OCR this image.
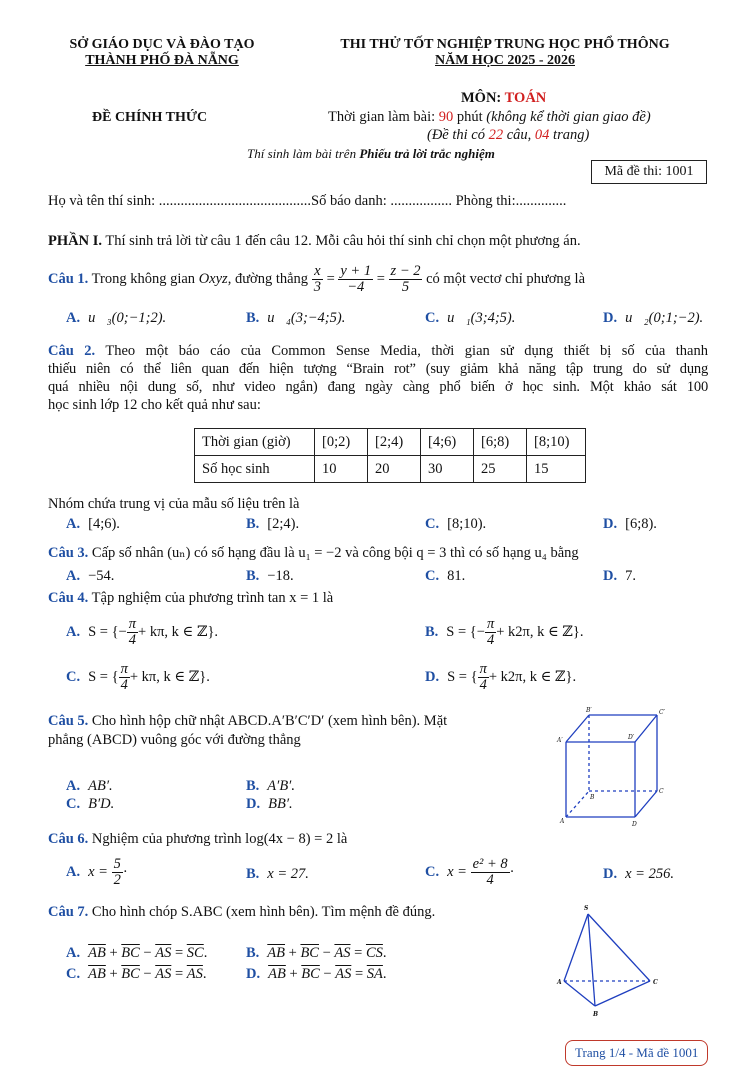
SỞ GIÁO DỤC VÀ ĐÀO TẠO
THÀNH PHỐ ĐÀ NẴNG
THI THỬ TỐT NGHIỆP TRUNG HỌC PHỔ THÔNG
NĂM HỌC 2025 - 2026
MÔN: TOÁN
ĐỀ CHÍNH THỨC	Thời gian làm bài: 90 phút (không kể thời gian giao đề)
(Đề thi có 22 câu, 04 trang)
Thí sinh làm bài trên Phiếu trả lời trắc nghiệm
Mã đề thi: 1001
Họ và tên thí sinh: ..........................................Số báo danh: ................. Phòng thi:..............
PHẦN I. Thí sinh trả lời từ câu 1 đến câu 12. Mỗi câu hỏi thí sinh chỉ chọn một phương án.
Câu 1. Trong không gian Oxyz, đường thẳng $\frac{x}{3} = \frac{y + 1}{-4} = \frac{z - 2}{5}$ có một vectơ chỉ phương là
A. u⃗₃(0;−1;2).	B. u⃗₄(3;−4;5).	C. u⃗₁(3;4;5).	D. u⃗₂(0;1;−2).
Câu 2. Theo một báo cáo của Common Sense Media, thời gian sử dụng thiết bị số của thanh
thiếu niên có thể liên quan đến hiện tượng “Brain rot” (suy giảm khả năng tập trung do sử dụng
quá nhiều nội dung số, như video ngắn) đang ngày càng phổ biến ở học sinh. Một khảo sát 100
học sinh lớp 12 cho kết quả như sau:
Thời gian (giờ)	[0;2)	[2;4)	[4;6)	[6;8)	[8;10)
Số học sinh	10	20	30	25	15
Nhóm chứa trung vị của mẫu số liệu trên là
A. [4;6).	B. [2;4).	C. [8;10).	D. [6;8).
Câu 3. Cấp số nhân (uₙ) có số hạng đầu là u₁ = −2 và công bội q = 3 thì có số hạng u₄ bằng
A. −54.	B. −18.	C. 81.	D. 7.
Câu 4. Tập nghiệm của phương trình tan x = 1 là
A. S = {− $\frac{\pi}{4} + k\pi$, k ∈ ℤ}.	B. S = {− $\frac{\pi}{4} + k2\pi$, k ∈ ℤ}.
C. S = { $\frac{\pi}{4} + k\pi$, k ∈ ℤ}.	D. S = { $\frac{\pi}{4} + k2\pi$, k ∈ ℤ}.
Câu 5. Cho hình hộp chữ nhật ABCD.A′B′C′D′ (xem hình bên). Mặt
phẳng (ABCD) vuông góc với đường thẳng
A. AB′.	B. A′B′.
C. B′D.	D. BB′.
B′	C′
A′	D′
B
C
A	D
Câu 6. Nghiệm của phương trình log(4x − 8) = 2 là
A. $x = \frac{5}{2}$ ·	B. x = 27.	C. $x = \frac{\text{e² + 8}}{4}$ ·	D. x = 256.
Câu 7. Cho hình chóp S.ABC (xem hình bên). Tìm mệnh đề đúng.
A. $\overline{AB} + \overline{BC} - \overline{AS} = \overline{SC}$.	B. $\overline{AB} + \overline{BC} - \overline{AS} = \overline{CS}$.
C. $\overline{AB} + \overline{BC} - \overline{AS} = \overline{AS}$.	D. $\overline{AB} + \overline{BC} - \overline{AS} = \overline{SA}$.
S
A
B
C
Trang 1/4 - Mã đề 1001
